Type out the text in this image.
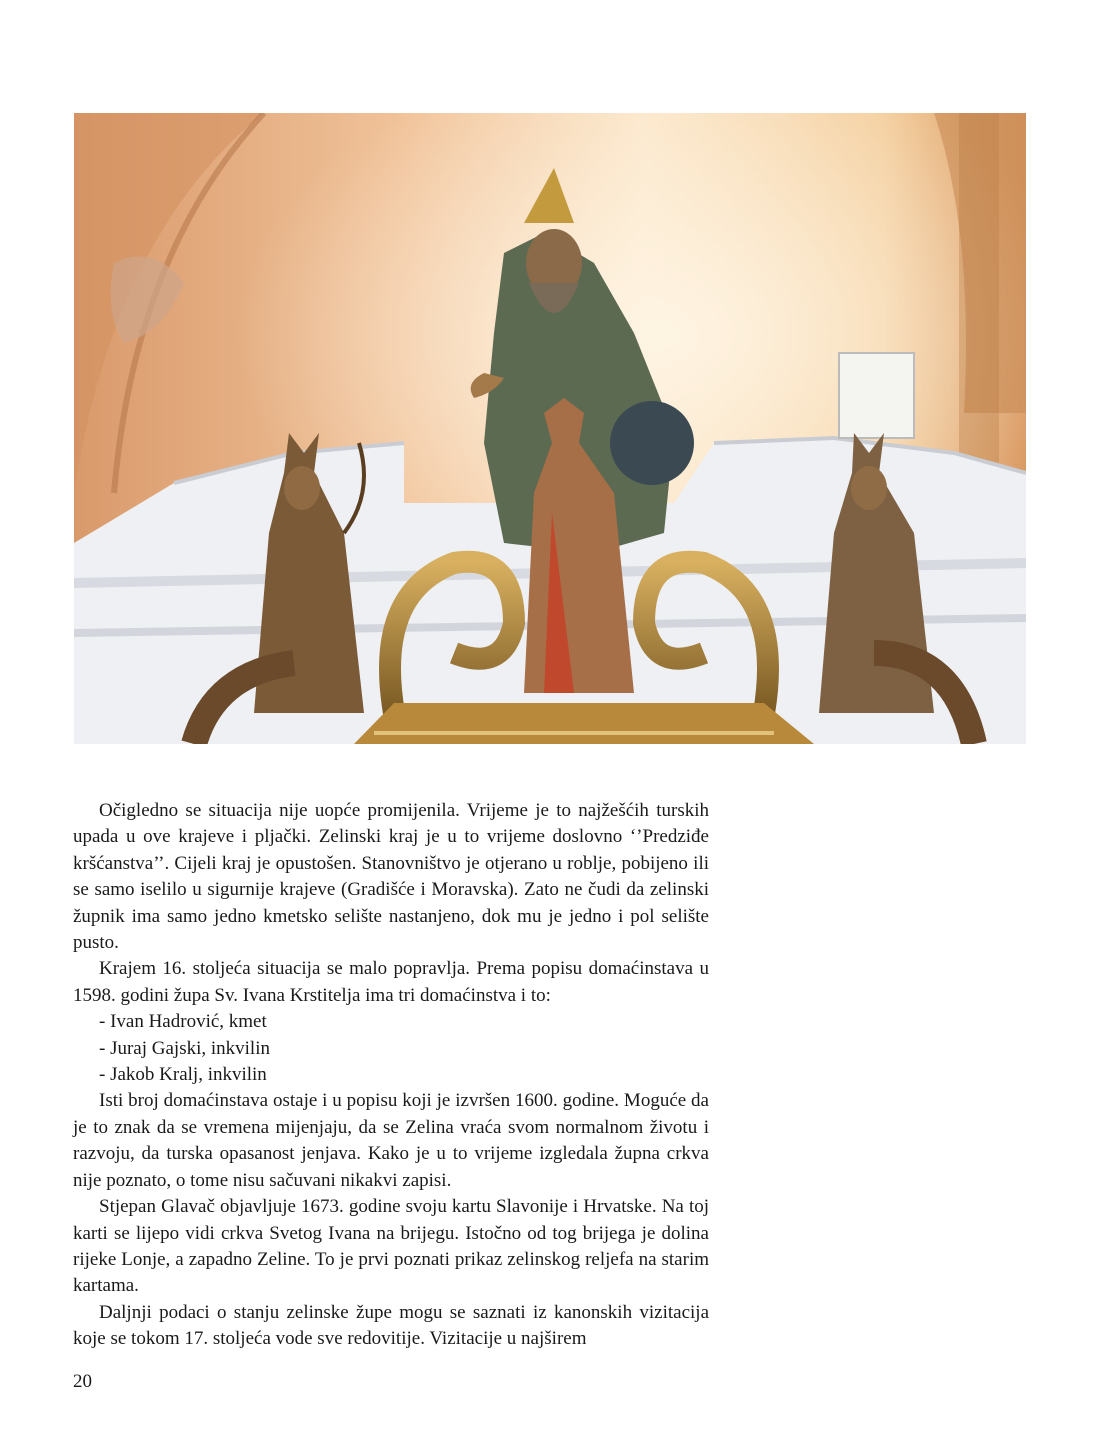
Očigledno se situacija nije uopće promijenila. Vrijeme je to najžešćih turskih upada u ove krajeve i pljački. Zelinski kraj je u to vrijeme doslovno ‘’Predziđe kršćanstva’’. Cijeli kraj je opustošen. Stanovništvo je otjerano u roblje, pobijeno ili se samo iselilo u sigurnije krajeve (Gradišće i Moravska). Zato ne čudi da zelinski župnik ima samo jedno kmetsko selište nastanjeno, dok mu je jedno i pol selište pusto.

Krajem 16. stoljeća situacija se malo popravlja. Prema popisu domaćinstava u 1598. godini župa Sv. Ivana Krstitelja ima tri domaćinstva i to:

- Ivan Hadrović, kmet
- Juraj Gajski, inkvilin
- Jakob Kralj, inkvilin

Isti broj domaćinstava ostaje i u popisu koji je izvršen 1600. godine. Moguće da je to znak da se vremena mijenjaju, da se Zelina vraća svom normalnom životu i razvoju, da turska opasanost jenjava. Kako je u to vrijeme izgledala župna crkva nije poznato, o tome nisu sačuvani nikakvi zapisi.

Stjepan Glavač objavljuje 1673. godine svoju kartu Slavonije i Hrvatske. Na toj karti se lijepo vidi crkva Svetog Ivana na brijegu. Istočno od tog brijega je dolina rijeke Lonje, a zapadno Zeline. To je prvi poznati prikaz zelinskog reljefa na starim kartama.

Daljnji podaci o stanju zelinske župe mogu se saznati iz kanonskih vizitacija koje se tokom 17. stoljeća vode sve redovitije. Vizitacije u najširem

20
